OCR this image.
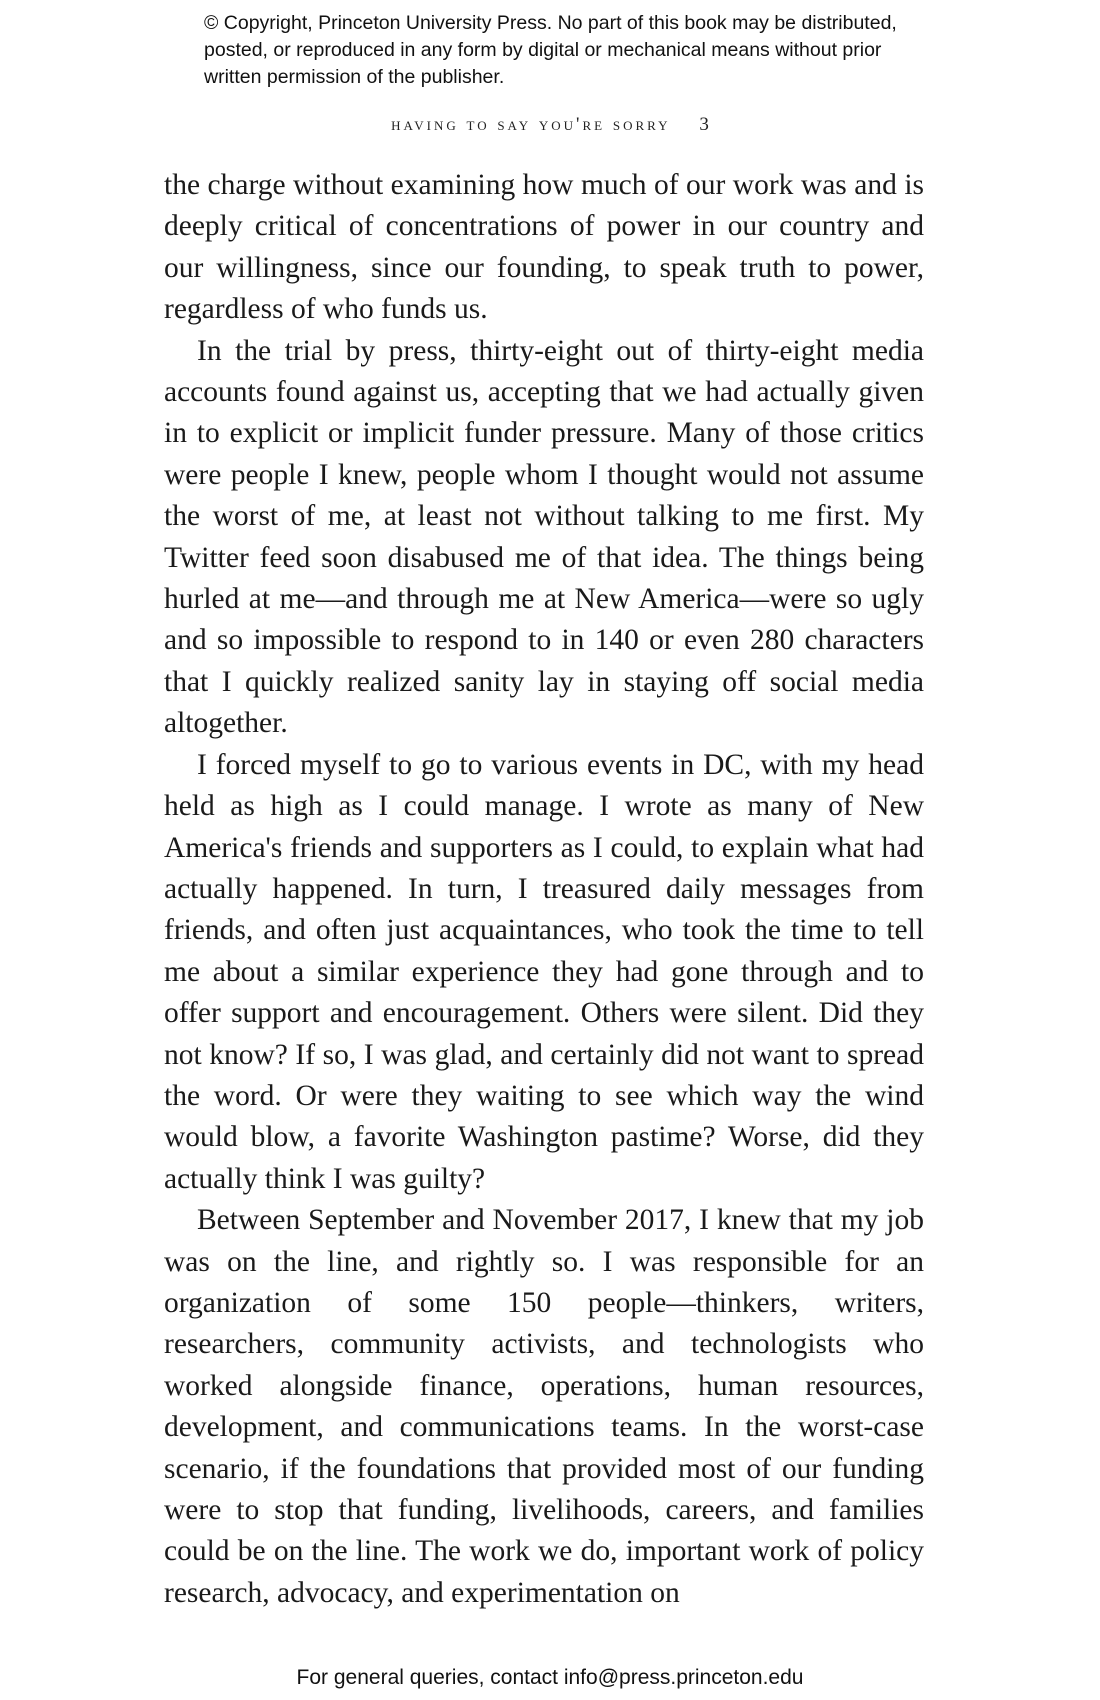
© Copyright, Princeton University Press. No part of this book may be distributed, posted, or reproduced in any form by digital or mechanical means without prior written permission of the publisher.

having to say you're sorry 3

the charge without examining how much of our work was and is deeply critical of concentrations of power in our country and our willingness, since our founding, to speak truth to power, regardless of who funds us.

In the trial by press, thirty-eight out of thirty-eight media accounts found against us, accepting that we had actually given in to explicit or implicit funder pressure. Many of those critics were people I knew, people whom I thought would not assume the worst of me, at least not without talking to me first. My Twitter feed soon disabused me of that idea. The things being hurled at me—and through me at New America—were so ugly and so impossible to respond to in 140 or even 280 characters that I quickly realized sanity lay in staying off social media altogether.

I forced myself to go to various events in DC, with my head held as high as I could manage. I wrote as many of New America's friends and supporters as I could, to explain what had actually happened. In turn, I treasured daily messages from friends, and often just acquaintances, who took the time to tell me about a similar experience they had gone through and to offer support and encouragement. Others were silent. Did they not know? If so, I was glad, and certainly did not want to spread the word. Or were they waiting to see which way the wind would blow, a favorite Washington pastime? Worse, did they actually think I was guilty?

Between September and November 2017, I knew that my job was on the line, and rightly so. I was responsible for an organization of some 150 people—thinkers, writers, researchers, community activists, and technologists who worked alongside finance, operations, human resources, development, and communications teams. In the worst-case scenario, if the foundations that provided most of our funding were to stop that funding, livelihoods, careers, and families could be on the line. The work we do, important work of policy research, advocacy, and experimentation on

For general queries, contact info@press.princeton.edu
